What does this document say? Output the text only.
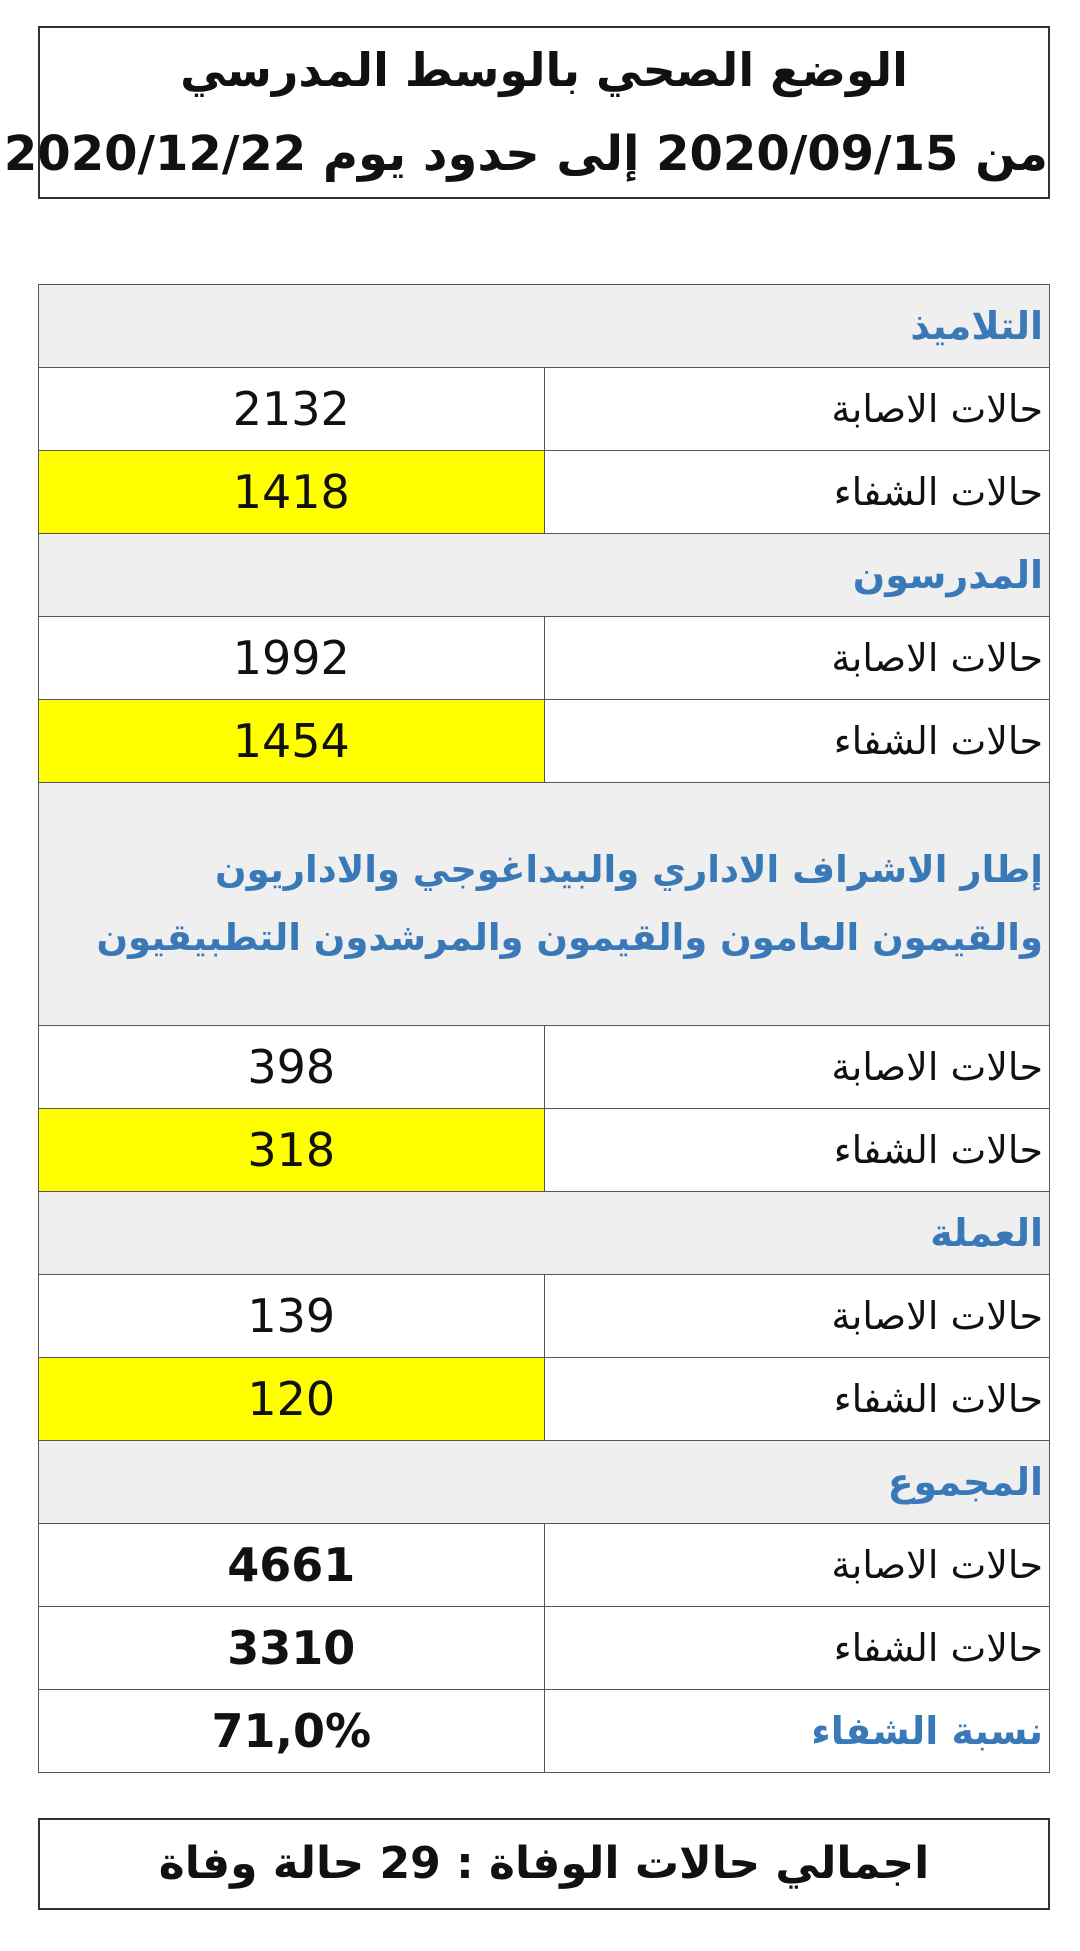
الوضع الصحي بالوسط المدرسي
من 2020/09/15 إلى حدود يوم 2020/12/22
التلاميذ	
حالات الاصابة	2132
حالات الشفاء	1418
المدرسون	
حالات الاصابة	1992
حالات الشفاء	1454

إطار الاشراف الاداري والبيداغوجي والاداريون
والقيمون العامون والقيمون والمرشدون التطبيقيون	

حالات الاصابة	398
حالات الشفاء	318
العملة	
حالات الاصابة	139
حالات الشفاء	120
المجموع	
حالات الاصابة	4661
حالات الشفاء	3310
نسبة الشفاء	71,0%
اجمالي حالات الوفاة : 29 حالة وفاة
